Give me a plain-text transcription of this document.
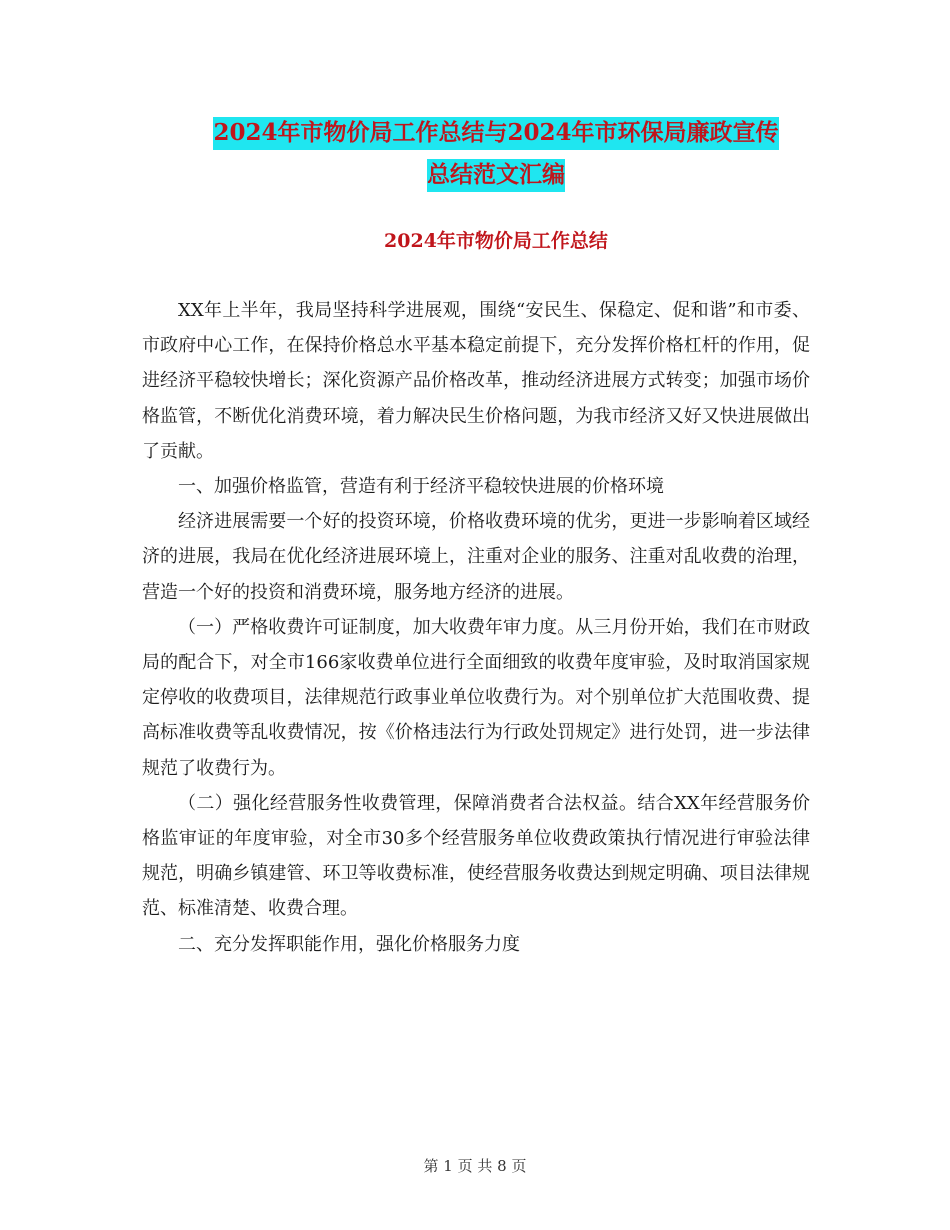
2024年市物价局工作总结与2024年市环保局廉政宣传
总结范文汇编
2024年市物价局工作总结

XX年上半年，我局坚持科学进展观，围绕“安民生、保稳定、促和谐”和市委、市政府中心工作，在保持价格总水平基本稳定前提下，充分发挥价格杠杆的作用，促进经济平稳较快增长；深化资源产品价格改革，推动经济进展方式转变；加强市场价格监管，不断优化消费环境，着力解决民生价格问题，为我市经济又好又快进展做出了贡献。

一、加强价格监管，营造有利于经济平稳较快进展的价格环境

经济进展需要一个好的投资环境，价格收费环境的优劣，更进一步影响着区域经济的进展，我局在优化经济进展环境上，注重对企业的服务、注重对乱收费的治理，营造一个好的投资和消费环境，服务地方经济的进展。

（一）严格收费许可证制度，加大收费年审力度。从三月份开始，我们在市财政局的配合下，对全市166家收费单位进行全面细致的收费年度审验，及时取消国家规定停收的收费项目，法律规范行政事业单位收费行为。对个别单位扩大范围收费、提高标准收费等乱收费情况，按《价格违法行为行政处罚规定》进行处罚，进一步法律规范了收费行为。

（二）强化经营服务性收费管理，保障消费者合法权益。结合XX年经营服务价格监审证的年度审验，对全市30多个经营服务单位收费政策执行情况进行审验法律规范，明确乡镇建管、环卫等收费标准，使经营服务收费达到规定明确、项目法律规范、标准清楚、收费合理。

二、充分发挥职能作用，强化价格服务力度

第 1 页 共 8 页
